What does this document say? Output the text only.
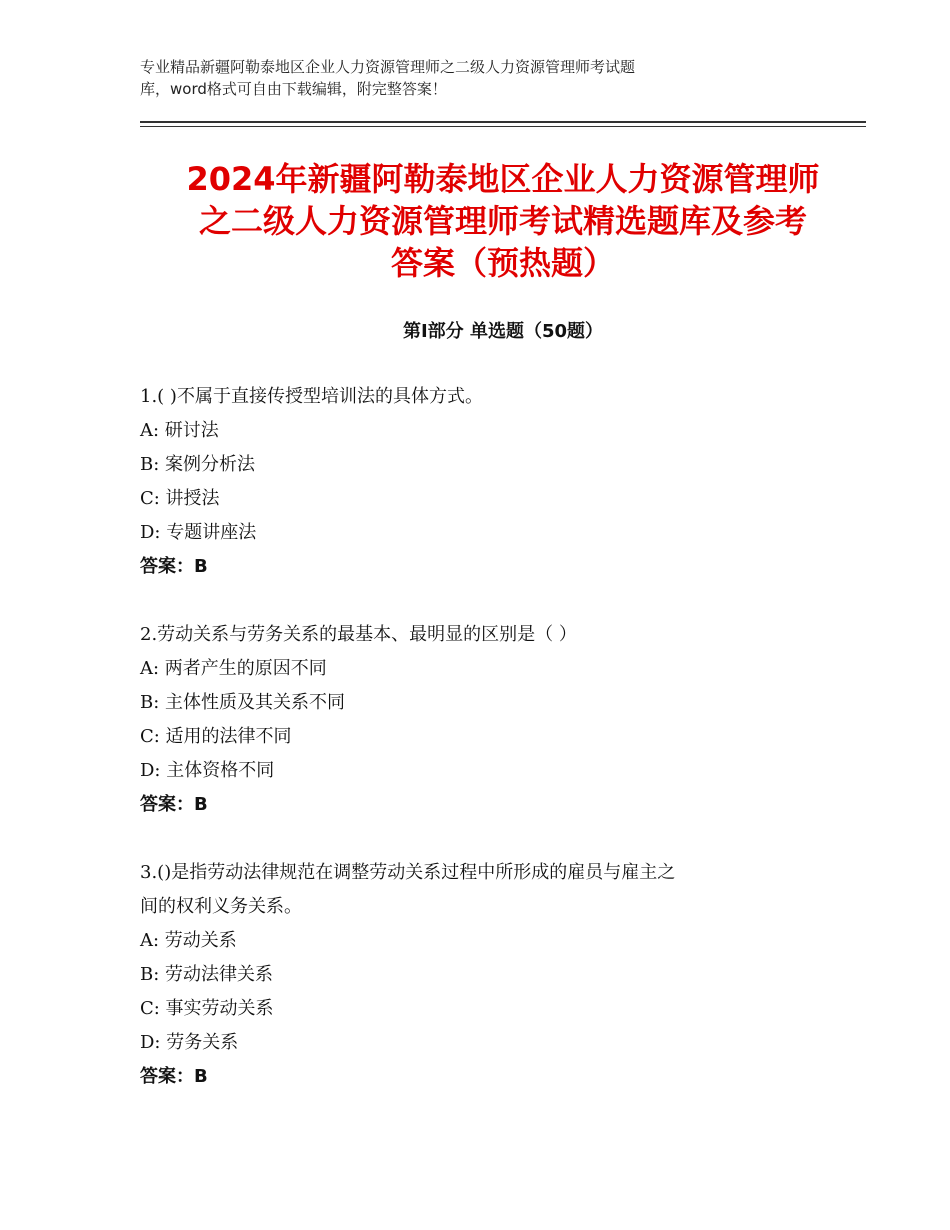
专业精品新疆阿勒泰地区企业人力资源管理师之二级人力资源管理师考试题
库，word格式可自由下载编辑，附完整答案！
2024年新疆阿勒泰地区企业人力资源管理师
之二级人力资源管理师考试精选题库及参考
答案（预热题）
第I部分 单选题（50题）

1.( )不属于直接传授型培训法的具体方式。

A: 研讨法

B: 案例分析法

C: 讲授法

D: 专题讲座法

答案：B

2.劳动关系与劳务关系的最基本、最明显的区别是（ ）

A: 两者产生的原因不同

B: 主体性质及其关系不同

C: 适用的法律不同

D: 主体资格不同

答案：B

3.()是指劳动法律规范在调整劳动关系过程中所形成的雇员与雇主之

间的权利义务关系。

A: 劳动关系

B: 劳动法律关系

C: 事实劳动关系

D: 劳务关系

答案：B
